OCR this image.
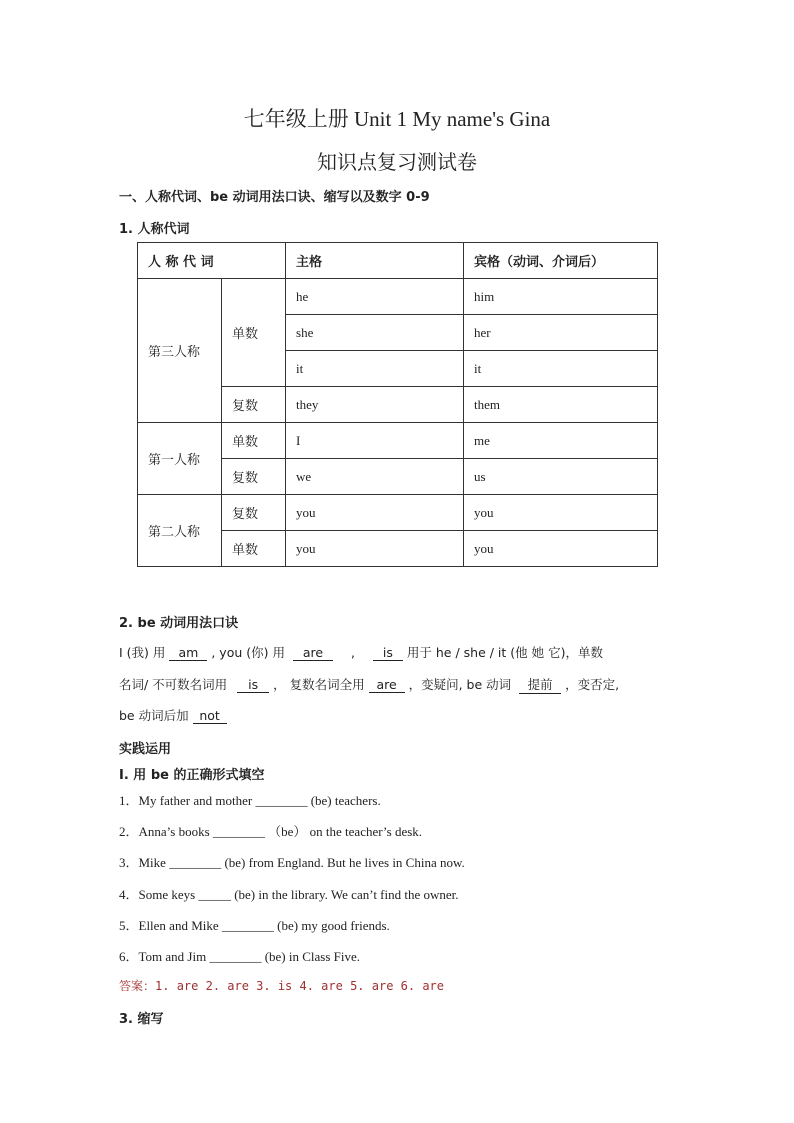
七年级上册 Unit 1 My name's Gina
知识点复习测试卷
一、人称代词、be 动词用法口诀、缩写以及数字 0-9
1. 人称代词
人 称 代 词		主格	宾格（动词、介词后）
第三人称	单数	he	him
		she	her
		it	it
	复数	they	them
第一人称	单数	I	me
	复数	we	us
第二人称	复数	you	you
	单数	you	you
2. be 动词用法口诀
I (我) 用 am , you (你) 用 are , is 用于 he / she / it (他 她 它)，单数
名词/ 不可数名词用 is ， 复数名词全用 are ，变疑问, be 动词 提前 ，变否定,
be 动词后加 not
实践运用
I. 用 be 的正确形式填空
1．My father and mother ________ (be) teachers.
2．Anna’s books ________ （be） on the teacher’s desk.
3．Mike ________ (be) from England. But he lives in China now.
4．Some keys _____ (be) in the library. We can’t find the owner.
5．Ellen and Mike ________ (be) my good friends.
6．Tom and Jim ________ (be) in Class Five.
答案：1. are 2. are 3. is 4. are 5. are 6. are
3. 缩写
